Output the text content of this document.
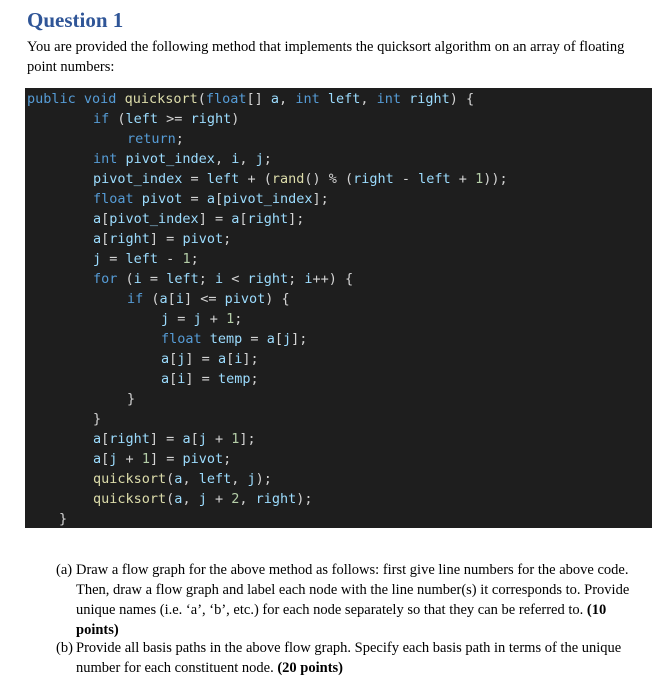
Question 1
You are provided the following method that implements the quicksort algorithm on an array of floating point numbers:
public void quicksort(float[] a, int left, int right) {
if (left >= right)
return;
int pivot_index, i, j;
pivot_index = left + (rand() % (right - left + 1));
float pivot = a[pivot_index];
a[pivot_index] = a[right];
a[right] = pivot;
j = left - 1;
for (i = left; i < right; i++) {
if (a[i] <= pivot) {
j = j + 1;
float temp = a[j];
a[j] = a[i];
a[i] = temp;
}
}
a[right] = a[j + 1];
a[j + 1] = pivot;
quicksort(a, left, j);
quicksort(a, j + 2, right);
}
(a) Draw a flow graph for the above method as follows: first give line numbers for the above code. Then, draw a flow graph and label each node with the line number(s) it corresponds to. Provide unique names (i.e. ‘a’, ‘b’, etc.) for each node separately so that they can be referred to. (10 points)
(b) Provide all basis paths in the above flow graph. Specify each basis path in terms of the unique number for each constituent node. (20 points)
